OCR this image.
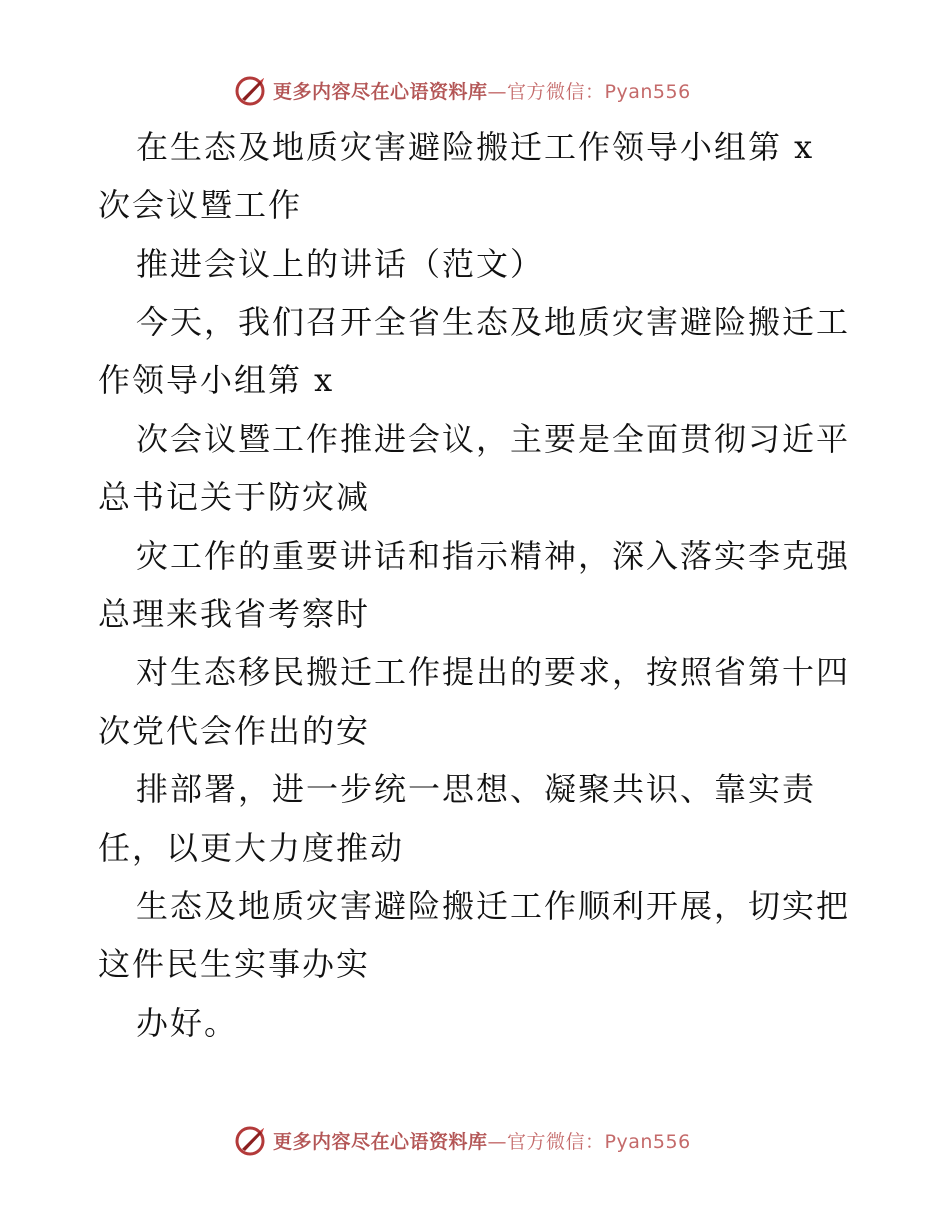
更多内容尽在心语资料库—官方微信：Pyan556
在生态及地质灾害避险搬迁工作领导小组第 x
次会议暨工作
推进会议上的讲话（范文）
今天，我们召开全省生态及地质灾害避险搬迁工
作领导小组第 x
次会议暨工作推进会议，主要是全面贯彻习近平
总书记关于防灾减
灾工作的重要讲话和指示精神，深入落实李克强
总理来我省考察时
对生态移民搬迁工作提出的要求，按照省第十四
次党代会作出的安
排部署，进一步统一思想、凝聚共识、靠实责
任，以更大力度推动
生态及地质灾害避险搬迁工作顺利开展，切实把
这件民生实事办实
办好。
更多内容尽在心语资料库—官方微信：Pyan556
